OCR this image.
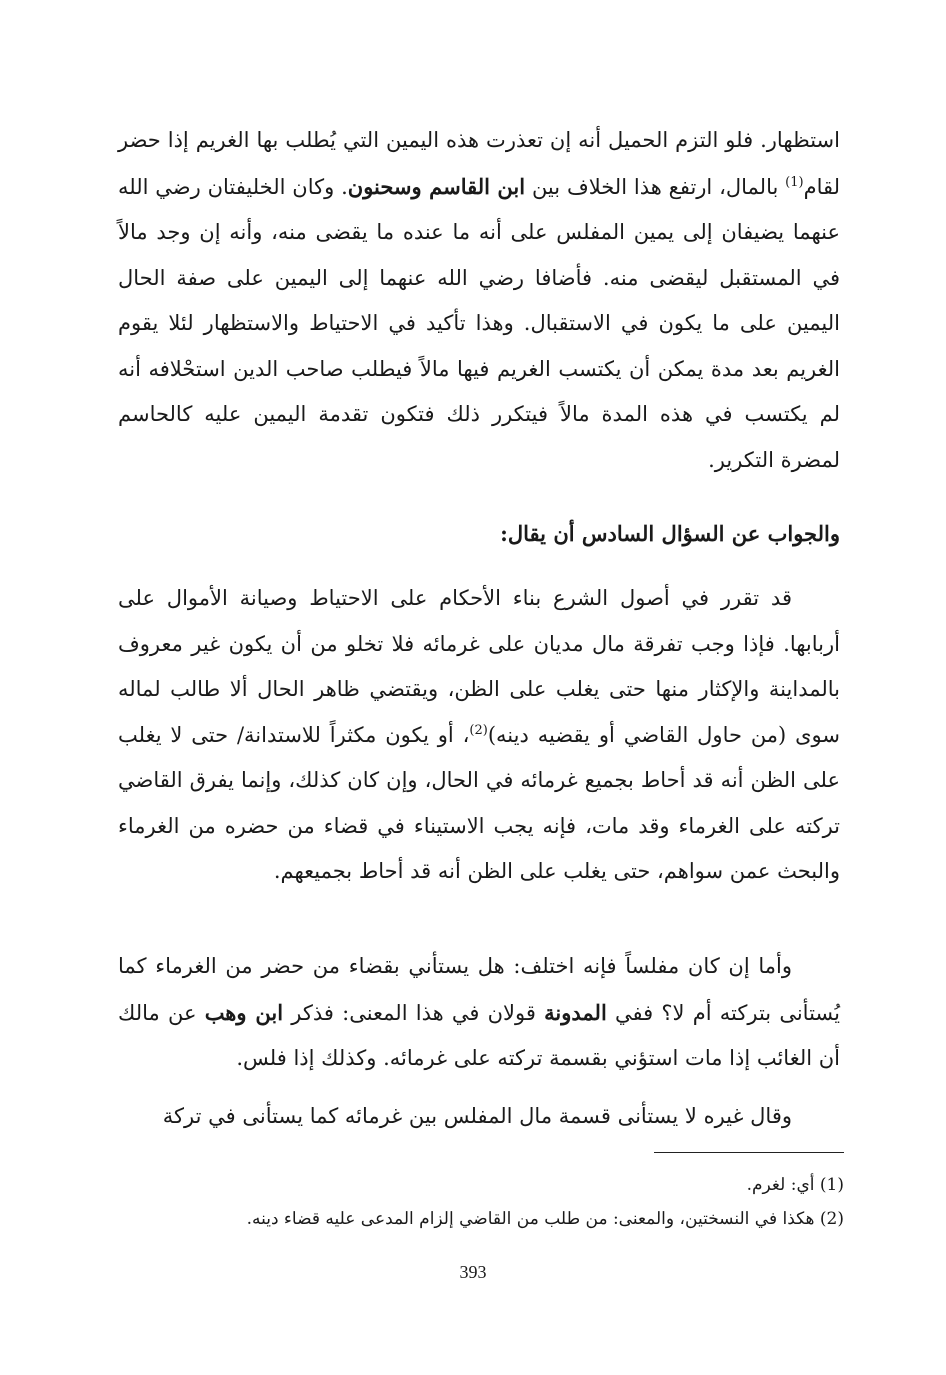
استظهار. فلو التزم الحميل أنه إن تعذرت هذه اليمين التي يُطلب بها الغريم إذا حضر لقام$^{(1)}$ بالمال، ارتفع هذا الخلاف بين ابن القاسم وسحنون. وكان الخليفتان رضي الله عنهما يضيفان إلى يمين المفلس على أنه ما عنده ما يقضى منه، وأنه إن وجد مالاً في المستقبل ليقضى منه. فأضافا رضي الله عنهما إلى اليمين على صفة الحال اليمين على ما يكون في الاستقبال. وهذا تأكيد في الاحتياط والاستظهار لئلا يقوم الغريم بعد مدة يمكن أن يكتسب الغريم فيها مالاً فيطلب صاحب الدين استحْلافه أنه لم يكتسب في هذه المدة مالاً فيتكرر ذلك فتكون تقدمة اليمين عليه كالحاسم لمضرة التكرير.

والجواب عن السؤال السادس أن يقال:

قد تقرر في أصول الشرع بناء الأحكام على الاحتياط وصيانة الأموال على أربابها. فإذا وجب تفرقة مال مديان على غرمائه فلا تخلو من أن يكون غير معروف بالمداينة والإكثار منها حتى يغلب على الظن، ويقتضي ظاهر الحال ألا طالب لماله سوى (من حاول القاضي أو يقضيه دينه)$^{(2)}$، أو يكون مكثراً للاستدانة/ حتى لا يغلب على الظن أنه قد أحاط بجميع غرمائه في الحال، وإن كان كذلك، وإنما يفرق القاضي تركته على الغرماء وقد مات، فإنه يجب الاستيناء في قضاء من حضره من الغرماء والبحث عمن سواهم، حتى يغلب على الظن أنه قد أحاط بجميعهم.

وأما إن كان مفلساً فإنه اختلف: هل يستأني بقضاء من حضر من الغرماء كما يُستأنى بتركته أم لا؟ ففي المدونة قولان في هذا المعنى: فذكر ابن وهب عن مالك أن الغائب إذا مات استؤني بقسمة تركته على غرمائه. وكذلك إذا فلس.

وقال غيره لا يستأنى قسمة مال المفلس بين غرمائه كما يستأنى في تركة

(1) أي: لغرم.

(2) هكذا في النسختين، والمعنى: من طلب من القاضي إلزام المدعى عليه قضاء دينه.

393
